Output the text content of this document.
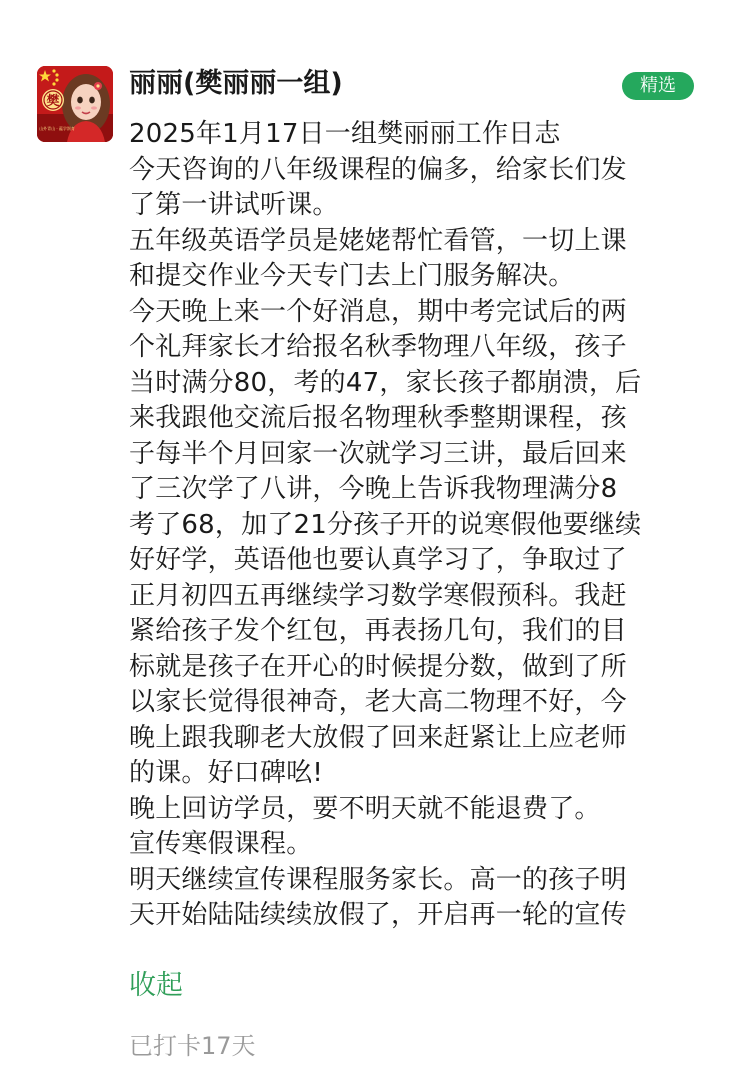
樊
山外青山 · 蕴学润育
丽丽(樊丽丽一组)	精选
2025年1月17日一组樊丽丽工作日志
今天咨询的八年级课程的偏多，给家长们发
了第一讲试听课。
五年级英语学员是姥姥帮忙看管，一切上课
和提交作业今天专门去上门服务解决。
今天晚上来一个好消息，期中考完试后的两
个礼拜家长才给报名秋季物理八年级，孩子
当时满分80，考的47，家长孩子都崩溃，后
来我跟他交流后报名物理秋季整期课程，孩
子每半个月回家一次就学习三讲，最后回来
了三次学了八讲，今晚上告诉我物理满分8
考了68，加了21分孩子开的说寒假他要继续
好好学，英语他也要认真学习了，争取过了
正月初四五再继续学习数学寒假预科。我赶
紧给孩子发个红包，再表扬几句，我们的目
标就是孩子在开心的时候提分数，做到了所
以家长觉得很神奇，老大高二物理不好，今
晚上跟我聊老大放假了回来赶紧让上应老师
的课。好口碑吆!
晚上回访学员，要不明天就不能退费了。
宣传寒假课程。
明天继续宣传课程服务家长。高一的孩子明
天开始陆陆续续放假了，开启再一轮的宣传
收起
已打卡17天
